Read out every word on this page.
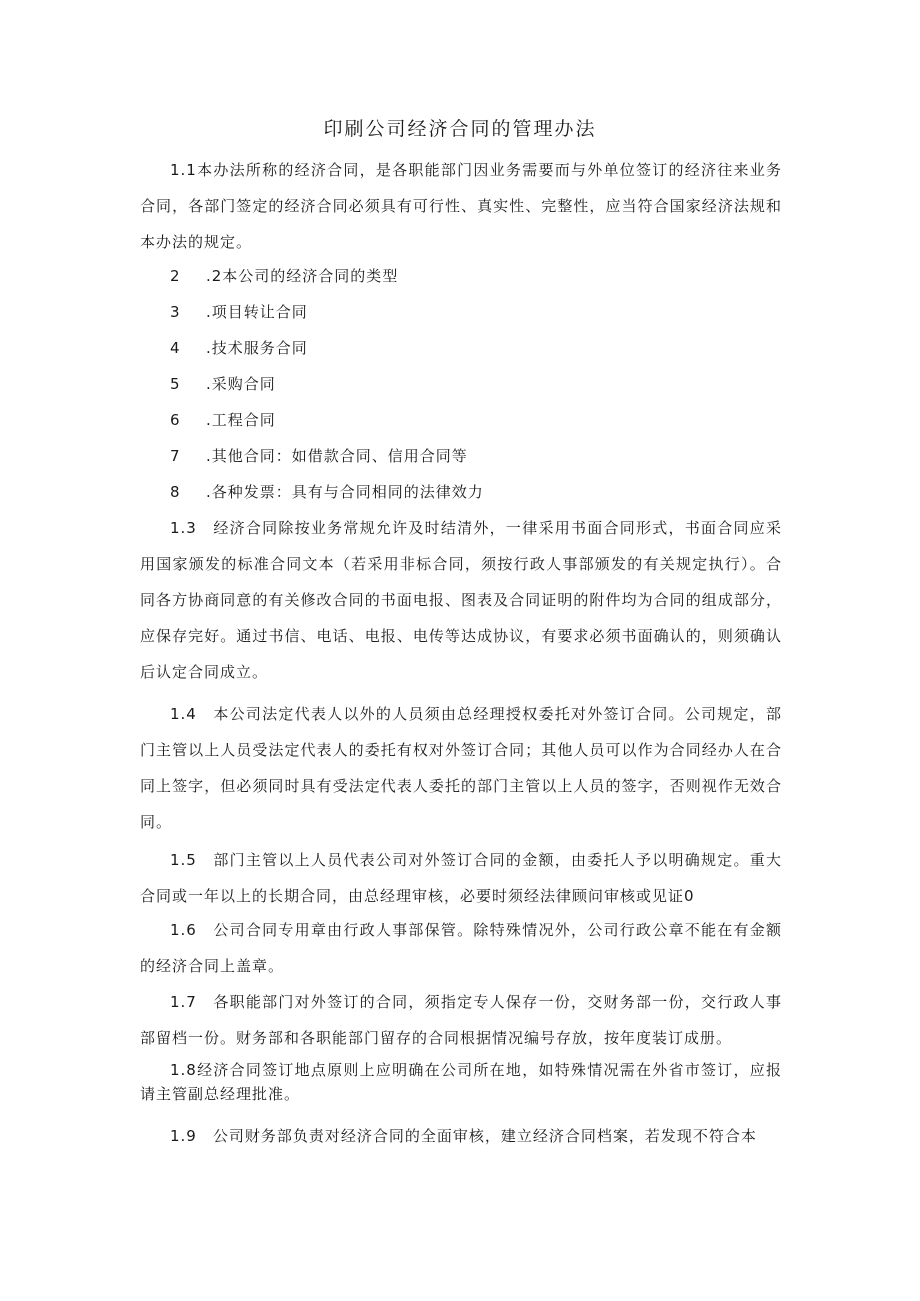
印刷公司经济合同的管理办法

1.1本办法所称的经济合同，是各职能部门因业务需要而与外单位签订的经济往来业务合同，各部门签定的经济合同必须具有可行性、真实性、完整性，应当符合国家经济法规和本办法的规定。

2 .2本公司的经济合同的类型
3 .项目转让合同
4 .技术服务合同
5 .采购合同
6 .工程合同
7 .其他合同：如借款合同、信用合同等
8 .各种发票：具有与合同相同的法律效力

1.3　经济合同除按业务常规允许及时结清外，一律采用书面合同形式，书面合同应采用国家颁发的标准合同文本（若采用非标合同，须按行政人事部颁发的有关规定执行）。合同各方协商同意的有关修改合同的书面电报、图表及合同证明的附件均为合同的组成部分，应保存完好。通过书信、电话、电报、电传等达成协议，有要求必须书面确认的，则须确认后认定合同成立。

1.4　本公司法定代表人以外的人员须由总经理授权委托对外签订合同。公司规定，部门主管以上人员受法定代表人的委托有权对外签订合同；其他人员可以作为合同经办人在合同上签字，但必须同时具有受法定代表人委托的部门主管以上人员的签字，否则视作无效合同。

1.5　部门主管以上人员代表公司对外签订合同的金额，由委托人予以明确规定。重大合同或一年以上的长期合同，由总经理审核，必要时须经法律顾问审核或见证0

1.6　公司合同专用章由行政人事部保管。除特殊情况外，公司行政公章不能在有金额的经济合同上盖章。

1.7　各职能部门对外签订的合同，须指定专人保存一份，交财务部一份，交行政人事部留档一份。财务部和各职能部门留存的合同根据情况编号存放，按年度装订成册。

1.8经济合同签订地点原则上应明确在公司所在地，如特殊情况需在外省市签订，应报请主管副总经理批准。

1.9　公司财务部负责对经济合同的全面审核，建立经济合同档案，若发现不符合本
